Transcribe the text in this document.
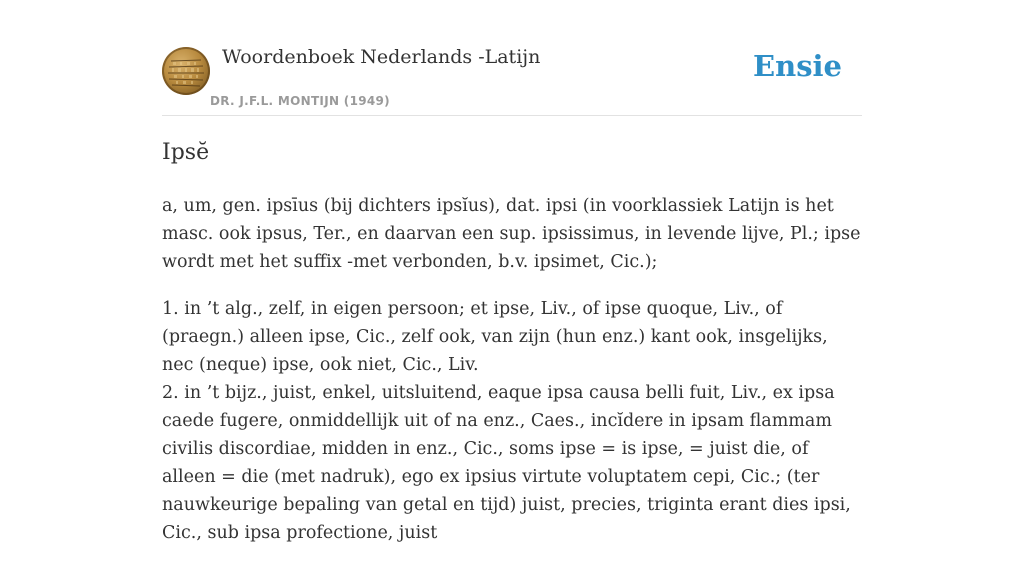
Woordenboek Nederlands -Latijn
DR. J.F.L. MONTIJN (1949)
Ensie
Ipsĕ

a, um, gen. ipsīus (bij dichters ipsĭus), dat. ipsi (in voorklassiek Latijn is het masc. ook ipsus, Ter., en daarvan een sup. ipsissimus, in levende lijve, Pl.; ipse wordt met het suffix -met verbonden, b.v. ipsimet, Cic.);

1. in ’t alg., zelf, in eigen persoon; et ipse, Liv., of ipse quoque, Liv., of (praegn.) alleen ipse, Cic., zelf ook, van zijn (hun enz.) kant ook, insgelijks, nec (neque) ipse, ook niet, Cic., Liv.

2. in ’t bijz., juist, enkel, uitsluitend, eaque ipsa causa belli fuit, Liv., ex ipsa caede fugere, onmiddellijk uit of na enz., Caes., incĭdere in ipsam flammam civilis discordiae, midden in enz., Cic., soms ipse = is ipse, = juist die, of alleen = die (met nadruk), ego ex ipsius virtute voluptatem cepi, Cic.; (ter nauwkeurige bepaling van getal en tijd) juist, precies, triginta erant dies ipsi, Cic., sub ipsa profectione, juist
